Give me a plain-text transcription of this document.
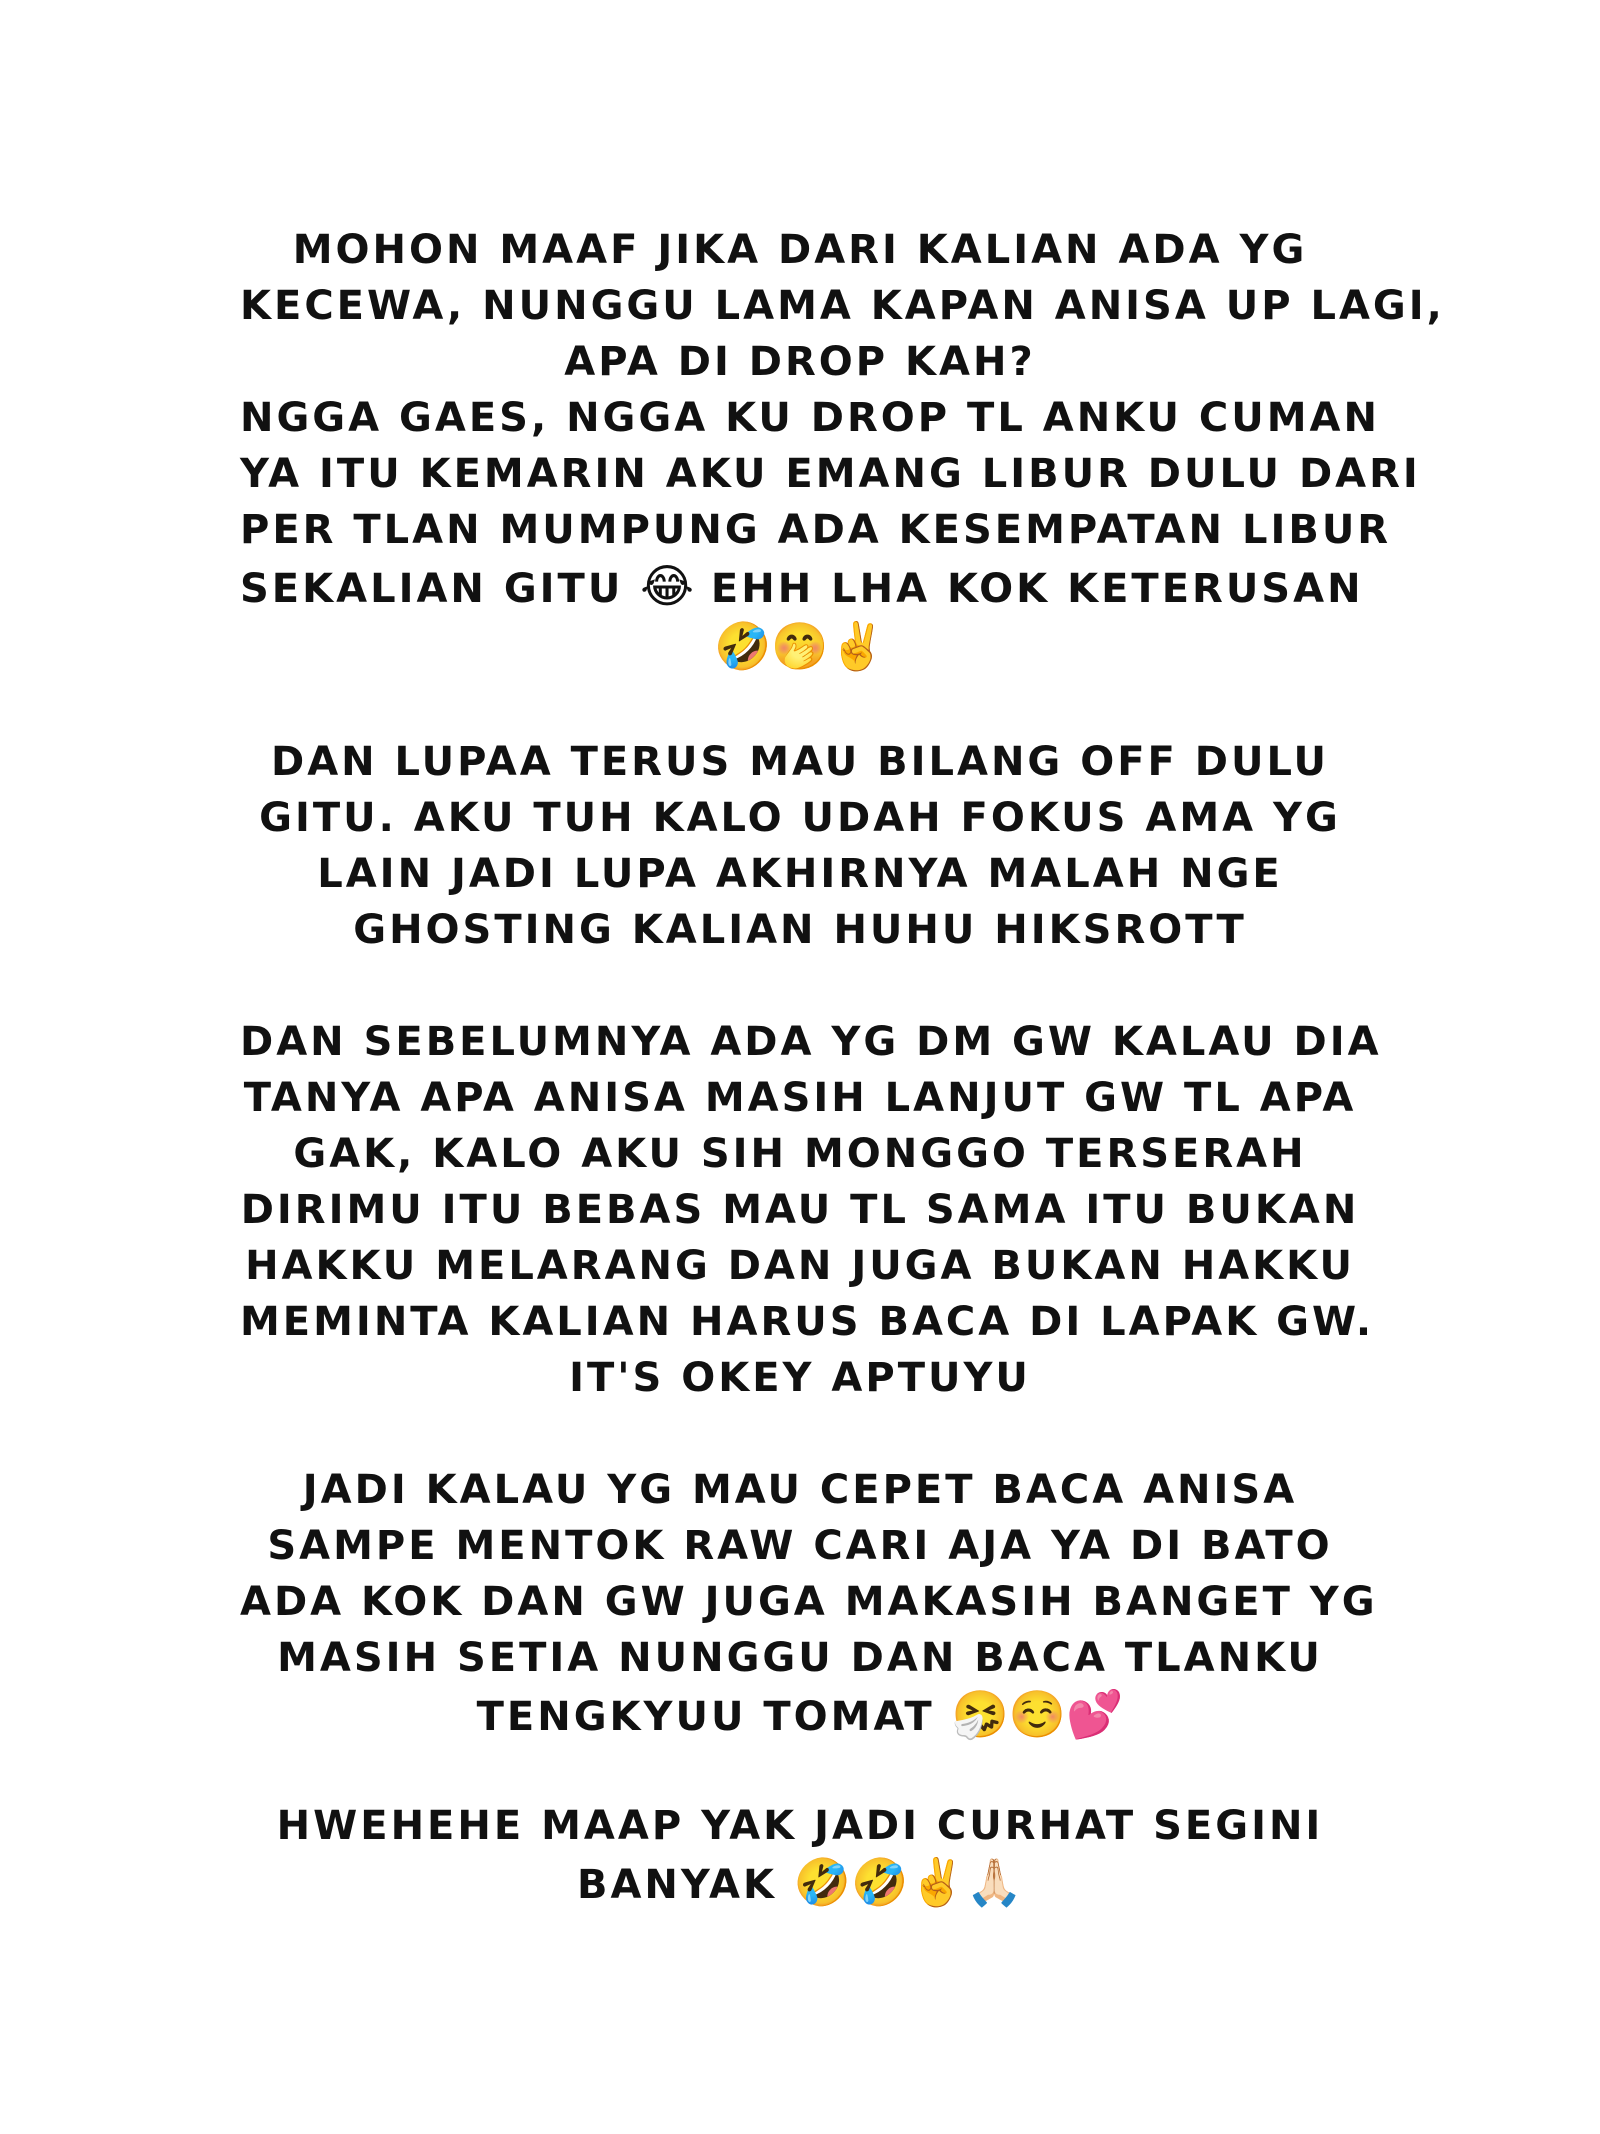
MOHON MAAF JIKA DARI KALIAN ADA YG
KECEWA, NUNGGU LAMA KAPAN ANISA UP LAGI,
APA DI DROP KAH?
NGGA GAES, NGGA KU DROP TL ANKU CUMAN
YA ITU KEMARIN AKU EMANG LIBUR DULU DARI
PER TLAN MUMPUNG ADA KESEMPATAN LIBUR
SEKALIAN GITU 😂 EHH LHA KOK KETERUSAN
🤣🤭✌️
DAN LUPAA TERUS MAU BILANG OFF DULU
GITU. AKU TUH KALO UDAH FOKUS AMA YG
LAIN JADI LUPA AKHIRNYA MALAH NGE
GHOSTING KALIAN HUHU HIKSROTT
DAN SEBELUMNYA ADA YG DM GW KALAU DIA
TANYA APA ANISA MASIH LANJUT GW TL APA
GAK, KALO AKU SIH MONGGO TERSERAH
DIRIMU ITU BEBAS MAU TL SAMA ITU BUKAN
HAKKU MELARANG DAN JUGA BUKAN HAKKU
MEMINTA KALIAN HARUS BACA DI LAPAK GW.
IT'S OKEY APTUYU
JADI KALAU YG MAU CEPET BACA ANISA
SAMPE MENTOK RAW CARI AJA YA DI BATO
ADA KOK DAN GW JUGA MAKASIH BANGET YG
MASIH SETIA NUNGGU DAN BACA TLANKU
TENGKYUU TOMAT 🤧☺️💕
HWEHEHE MAAP YAK JADI CURHAT SEGINI
BANYAK 🤣🤣✌️🙏🏻
